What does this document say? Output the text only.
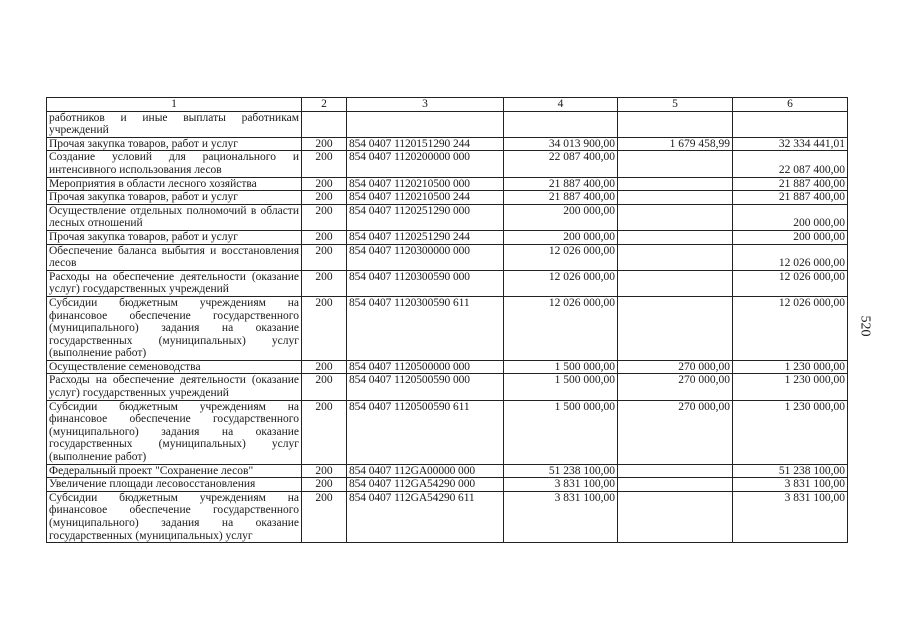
1	2	3	4	5	6
работников и иные выплаты работникам учреждений					
Прочая закупка товаров, работ и услуг	200	854 0407 1120151290 244	34 013 900,00	1 679 458,99	32 334 441,01
Создание условий для рационального и интенсивного использования лесов	200	854 0407 1120200000 000	22 087 400,00		22 087 400,00
Мероприятия в области лесного хозяйства	200	854 0407 1120210500 000	21 887 400,00		21 887 400,00
Прочая закупка товаров, работ и услуг	200	854 0407 1120210500 244	21 887 400,00		21 887 400,00
Осуществление отдельных полномочий в области лесных отношений	200	854 0407 1120251290 000	200 000,00		200 000,00
Прочая закупка товаров, работ и услуг	200	854 0407 1120251290 244	200 000,00		200 000,00
Обеспечение баланса выбытия и восстановления лесов	200	854 0407 1120300000 000	12 026 000,00		12 026 000,00
Расходы на обеспечение деятельности (оказание услуг) государственных учреждений	200	854 0407 1120300590 000	12 026 000,00		12 026 000,00
Субсидии бюджетным учреждениям на финансовое обеспечение государственного (муниципального) задания на оказание государственных (муниципальных) услуг (выполнение работ)	200	854 0407 1120300590 611	12 026 000,00		12 026 000,00
Осуществление семеноводства	200	854 0407 1120500000 000	1 500 000,00	270 000,00	1 230 000,00
Расходы на обеспечение деятельности (оказание услуг) государственных учреждений	200	854 0407 1120500590 000	1 500 000,00	270 000,00	1 230 000,00
Субсидии бюджетным учреждениям на финансовое обеспечение государственного (муниципального) задания на оказание государственных (муниципальных) услуг (выполнение работ)	200	854 0407 1120500590 611	1 500 000,00	270 000,00	1 230 000,00
Федеральный проект "Сохранение лесов"	200	854 0407 112GA00000 000	51 238 100,00		51 238 100,00
Увеличение площади лесовосстановления	200	854 0407 112GA54290 000	3 831 100,00		3 831 100,00
Субсидии бюджетным учреждениям на финансовое обеспечение государственного (муниципального) задания на оказание государственных (муниципальных) услуг	200	854 0407 112GA54290 611	3 831 100,00		3 831 100,00
520
